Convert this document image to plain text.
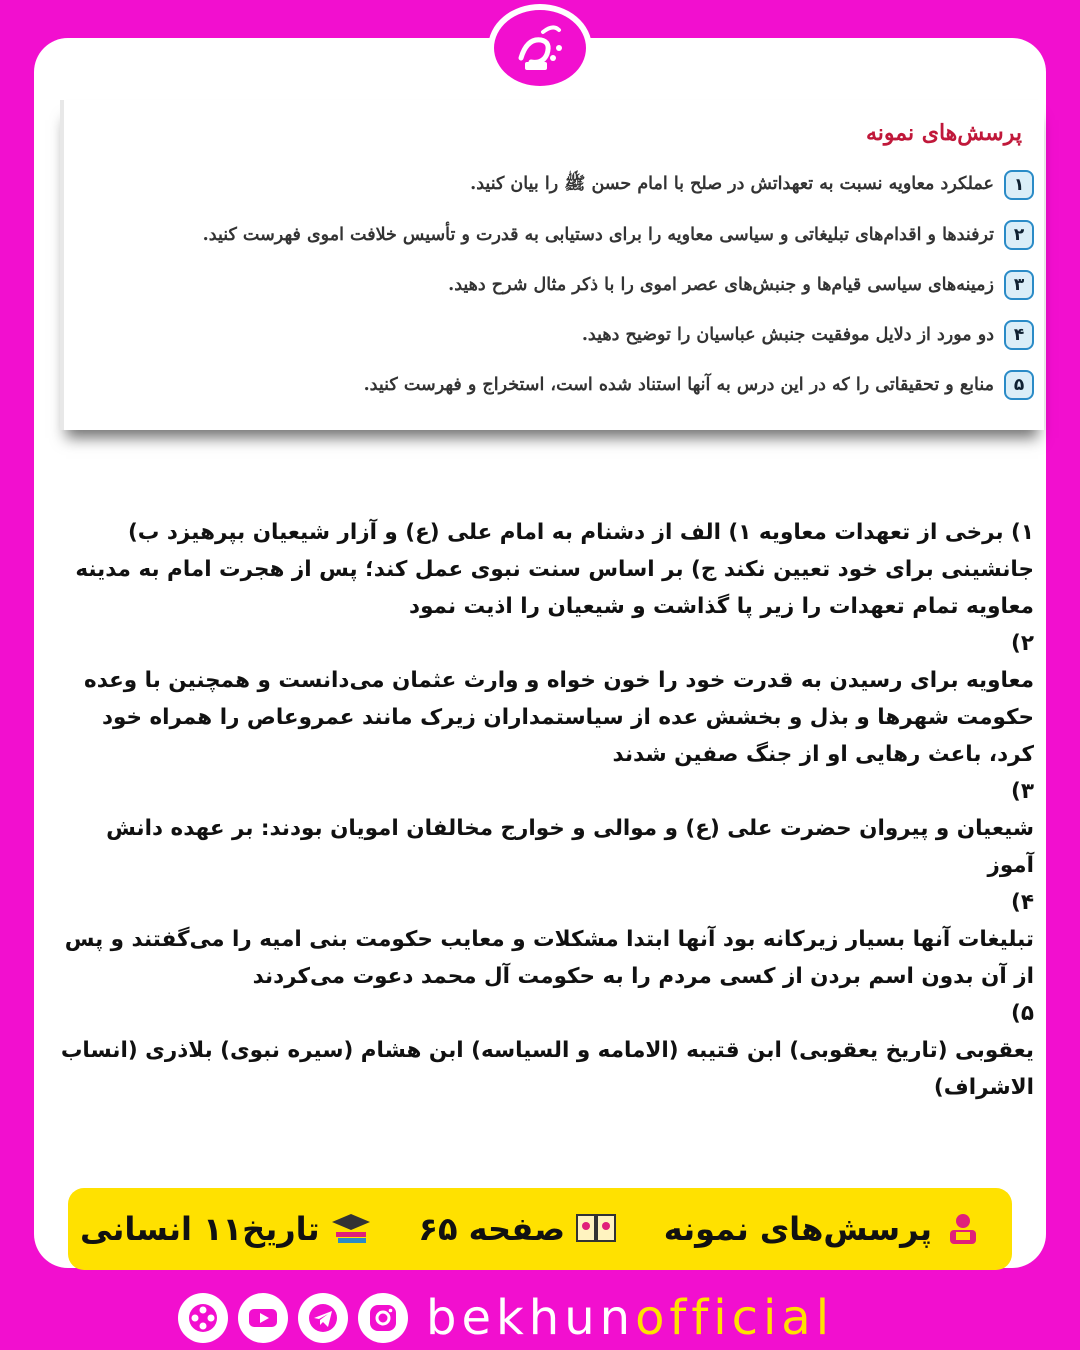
پرسش‌های نمونه
۱
عملکرد معاویه نسبت به تعهداتش در صلح با امام حسن ﷺ را بیان کنید.
۲
ترفندها و اقدام‌های تبلیغاتی و سیاسی معاویه را برای دستیابی به قدرت و تأسیس خلافت اموی فهرست کنید.
۳
زمینه‌های سیاسی قیام‌ها و جنبش‌های عصر اموی را با ذکر مثال شرح دهید.
۴
دو مورد از دلایل موفقیت جنبش عباسیان را توضیح دهید.
۵
منابع و تحقیقاتی را که در این درس به آنها استناد شده است، استخراج و فهرست کنید.

۱) برخی از تعهدات معاویه ۱) الف از دشنام به امام علی (ع) و آزار شیعیان بپرهیزد ب) جانشینی برای خود تعیین نکند ج) بر اساس سنت نبوی عمل کند؛ پس از هجرت امام به مدینه معاویه تمام تعهدات را زیر پا گذاشت و شیعیان را اذیت نمود

۲)

معاویه برای رسیدن به قدرت خود را خون خواه و وارث عثمان می‌دانست و همچنین با وعده حکومت شهرها و بذل و بخشش عده از سیاستمداران زیرک مانند عمروعاص را همراه خود کرد، باعث رهایی او از جنگ صفین شدند

۳)

شیعیان و پیروان حضرت علی (ع) و موالی و خوارج مخالفان امویان بودند: بر عهده دانش آموز

۴)

تبلیغات آنها بسیار زیرکانه بود آنها ابتدا مشکلات و معایب حکومت بنی امیه را می‌گفتند و پس از آن بدون اسم بردن از کسی مردم را به حکومت آل محمد دعوت می‌کردند

۵)

یعقوبی (تاریخ یعقوبی) ابن قتیبه (الامامه و السیاسه) ابن هشام (سیره نبوی) بلاذری (انساب الاشراف)

پرسش‌های نمونه
صفحه ۶۵
تاریخ۱۱ انسانی
bekhunofficial
